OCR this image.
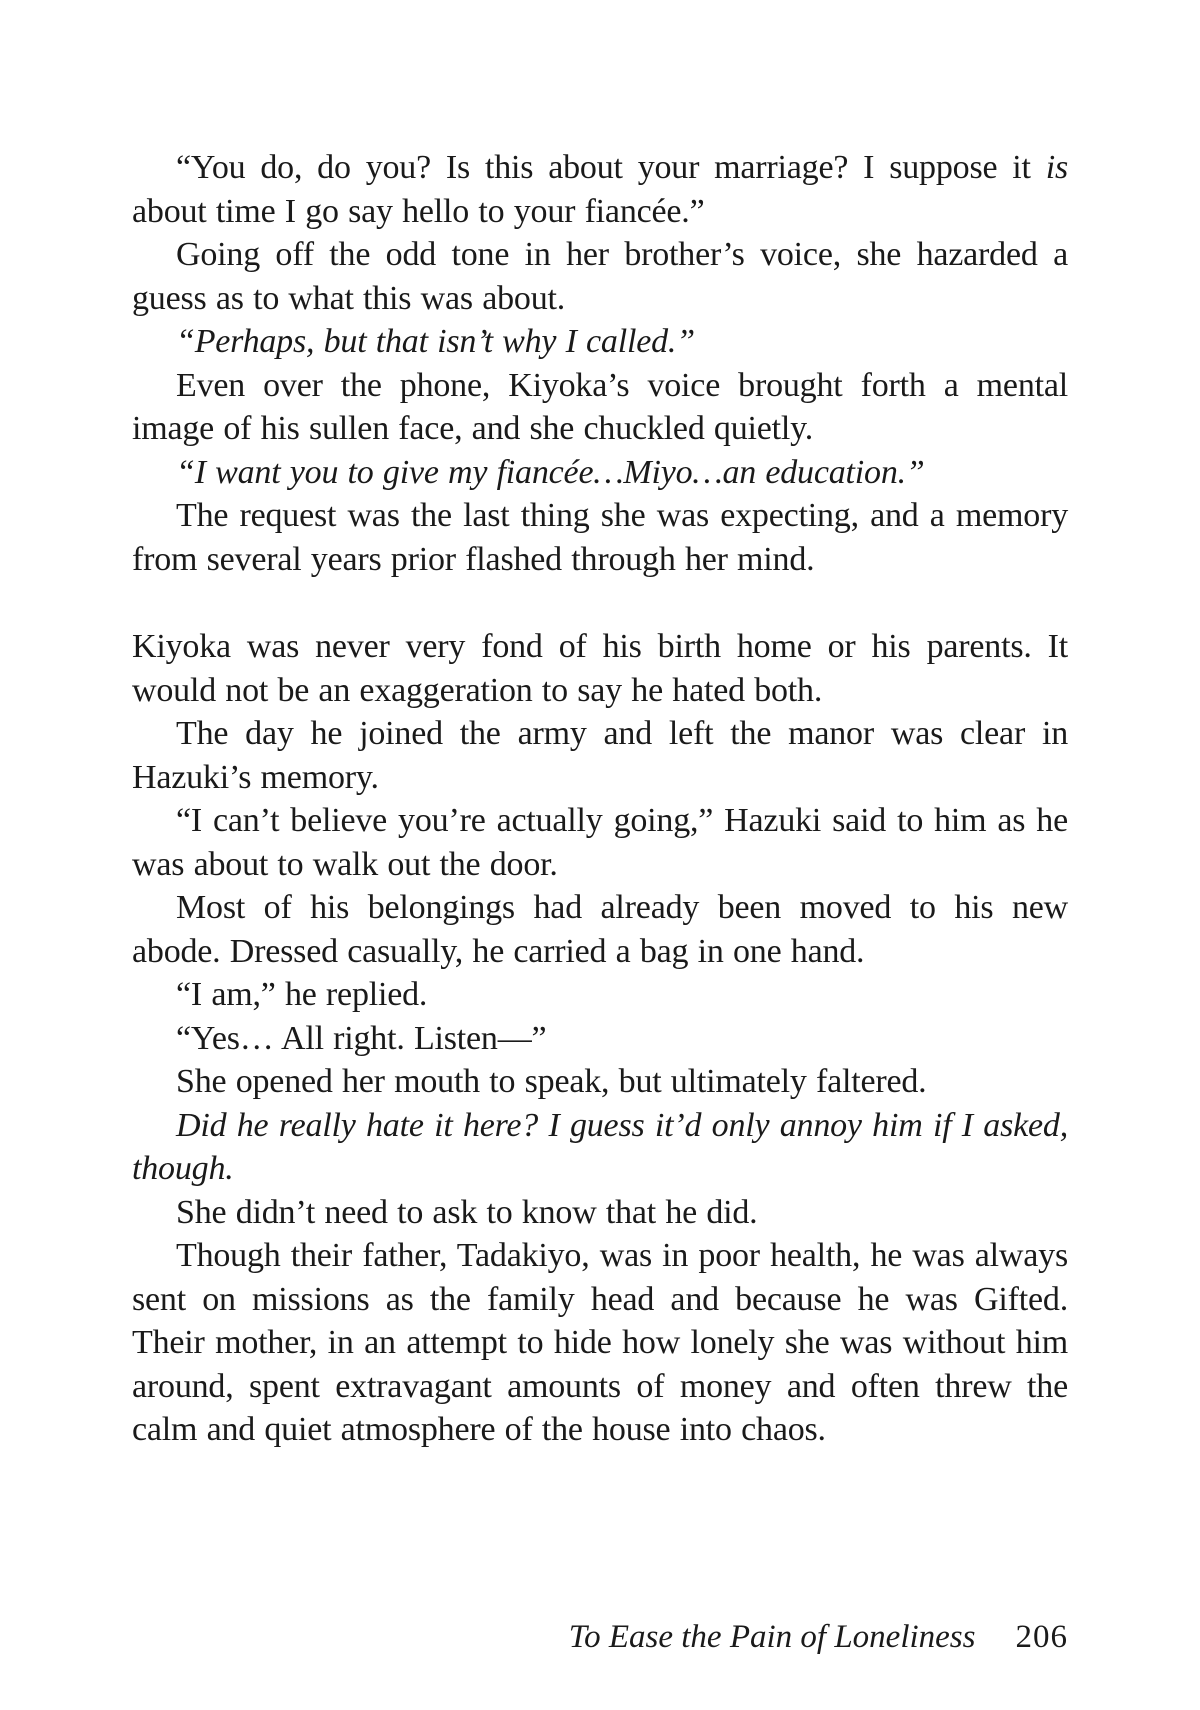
“You do, do you? Is this about your marriage? I suppose it is about time I go say hello to your fiancée.”

Going off the odd tone in her brother’s voice, she hazarded a guess as to what this was about.

“Perhaps, but that isn’t why I called.”

Even over the phone, Kiyoka’s voice brought forth a mental image of his sullen face, and she chuckled quietly.

“I want you to give my fiancée…Miyo…an education.”

The request was the last thing she was expecting, and a memory from several years prior flashed through her mind.

Kiyoka was never very fond of his birth home or his parents. It would not be an exaggeration to say he hated both.

The day he joined the army and left the manor was clear in Hazuki’s memory.

“I can’t believe you’re actually going,” Hazuki said to him as he was about to walk out the door.

Most of his belongings had already been moved to his new abode. Dressed casually, he carried a bag in one hand.

“I am,” he replied.

“Yes… All right. Listen—”

She opened her mouth to speak, but ultimately faltered.

Did he really hate it here? I guess it’d only annoy him if I asked, though.

She didn’t need to ask to know that he did.

Though their father, Tadakiyo, was in poor health, he was always sent on missions as the family head and because he was Gifted. Their mother, in an attempt to hide how lonely she was without him around, spent extravagant amounts of money and often threw the calm and quiet atmosphere of the house into chaos.

To Ease the Pain of Loneliness 206
